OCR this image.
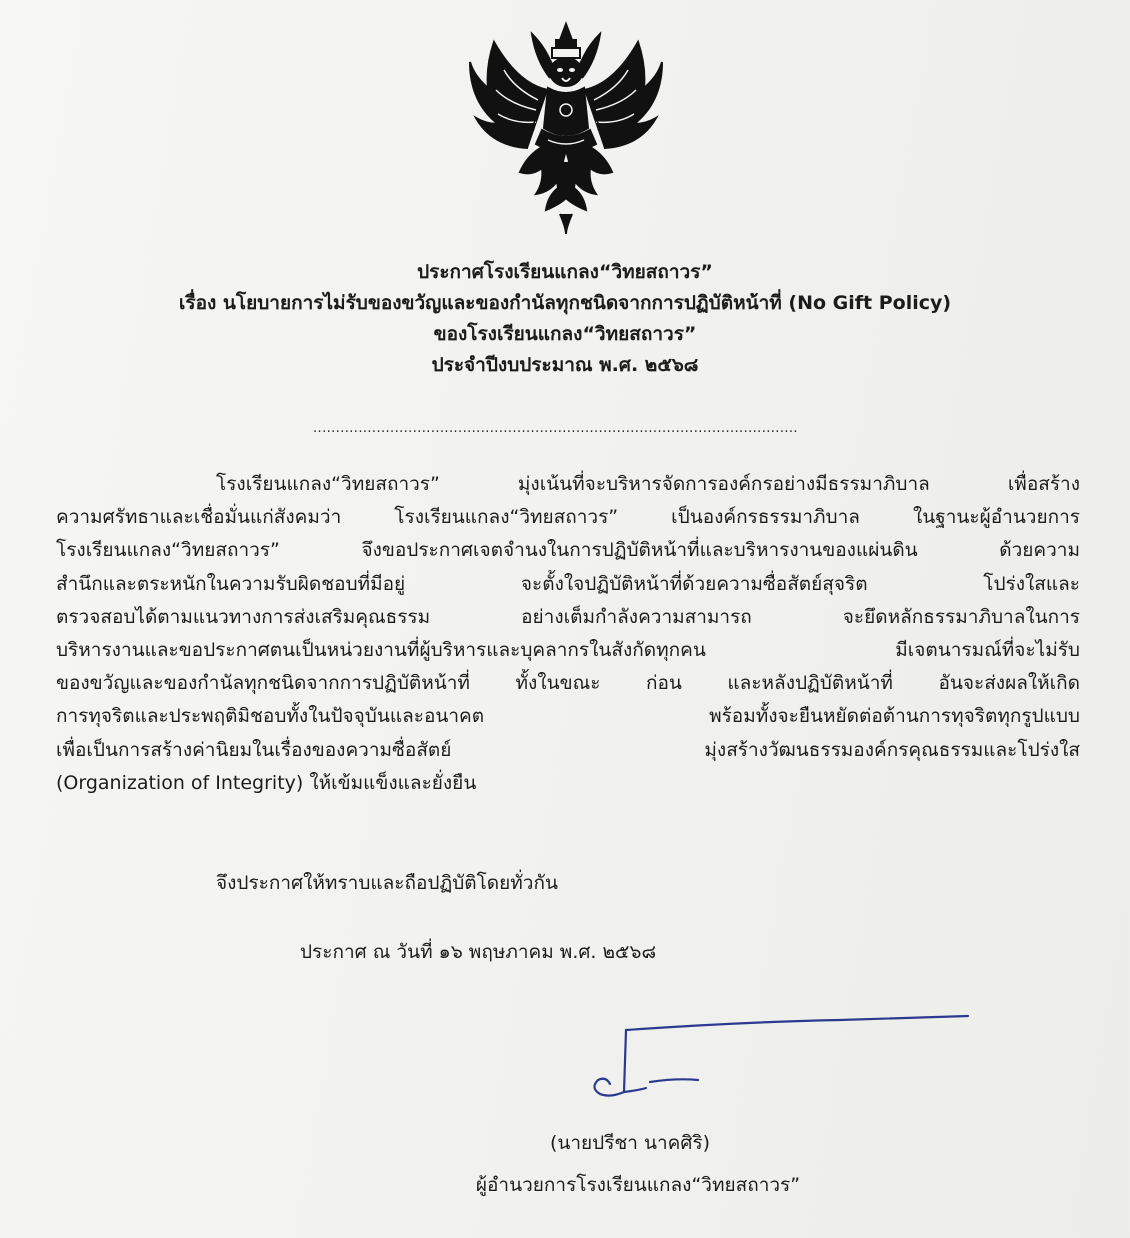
ประกาศโรงเรียนแกลง“วิทยสถาวร”
เรื่อง นโยบายการไม่รับของขวัญและของกำนัลทุกชนิดจากการปฏิบัติหน้าที่ (No Gift Policy)
ของโรงเรียนแกลง“วิทยสถาวร”
ประจำปีงบประมาณ พ.ศ. ๒๕๖๘
...........................................................................................................
โรงเรียนแกลง“วิทยสถาวร” มุ่งเน้นที่จะบริหารจัดการองค์กรอย่างมีธรรมาภิบาล เพื่อสร้าง
ความศรัทธาและเชื่อมั่นแก่สังคมว่า โรงเรียนแกลง“วิทยสถาวร” เป็นองค์กรธรรมาภิบาล ในฐานะผู้อำนวยการ
โรงเรียนแกลง“วิทยสถาวร” จึงขอประกาศเจตจำนงในการปฏิบัติหน้าที่และบริหารงานของแผ่นดิน ด้วยความ
สำนึกและตระหนักในความรับผิดชอบที่มีอยู่ จะตั้งใจปฏิบัติหน้าที่ด้วยความซื่อสัตย์สุจริต โปร่งใสและ
ตรวจสอบได้ตามแนวทางการส่งเสริมคุณธรรม อย่างเต็มกำลังความสามารถ จะยึดหลักธรรมาภิบาลในการ
บริหารงานและขอประกาศตนเป็นหน่วยงานที่ผู้บริหารและบุคลากรในสังกัดทุกคน มีเจตนารมณ์ที่จะไม่รับ
ของขวัญและของกำนัลทุกชนิดจากการปฏิบัติหน้าที่ ทั้งในขณะ ก่อน และหลังปฏิบัติหน้าที่ อันจะส่งผลให้เกิด
การทุจริตและประพฤติมิชอบทั้งในปัจจุบันและอนาคต พร้อมทั้งจะยืนหยัดต่อต้านการทุจริตทุกรูปแบบ
เพื่อเป็นการสร้างค่านิยมในเรื่องของความซื่อสัตย์ มุ่งสร้างวัฒนธรรมองค์กรคุณธรรมและโปร่งใส
(Organization of Integrity) ให้เข้มแข็งและยั่งยืน
จึงประกาศให้ทราบและถือปฏิบัติโดยทั่วกัน
ประกาศ ณ วันที่ ๑๖ พฤษภาคม พ.ศ. ๒๕๖๘
(นายปรีชา นาคศิริ)
ผู้อำนวยการโรงเรียนแกลง“วิทยสถาวร”
